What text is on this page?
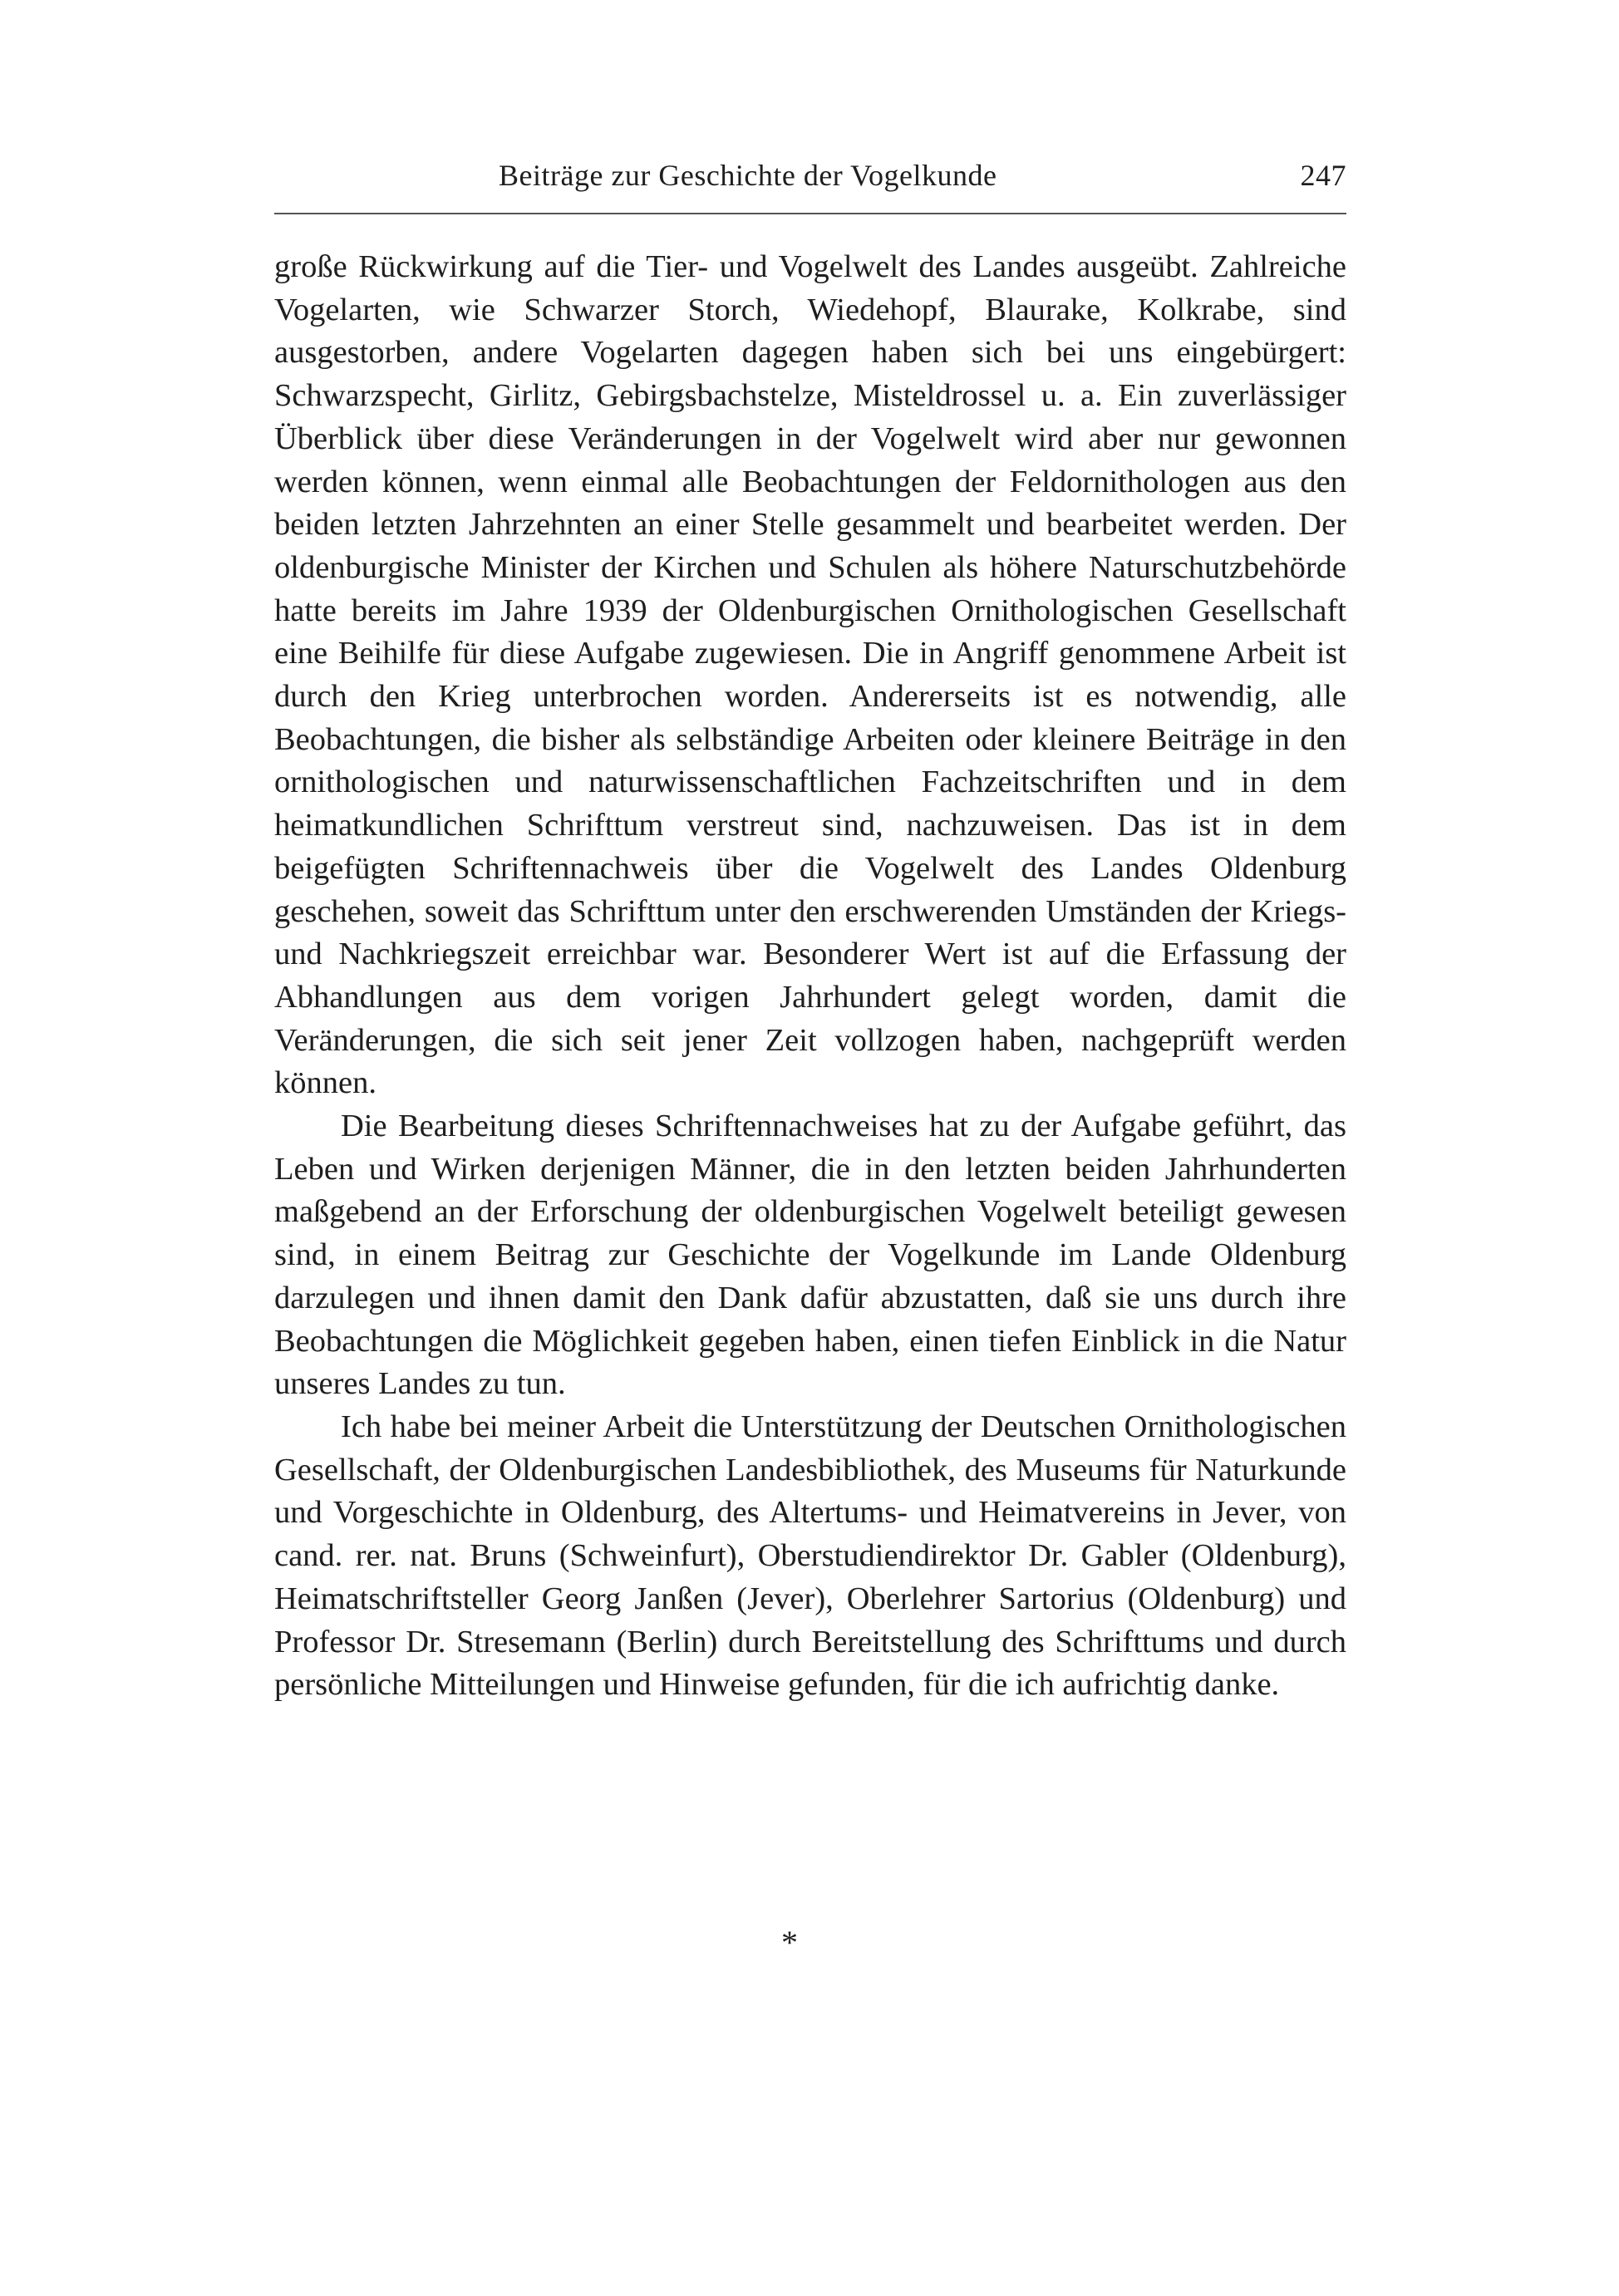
Beiträge zur Geschichte der Vogelkunde	247

große Rückwirkung auf die Tier- und Vogelwelt des Landes ausgeübt. Zahlreiche Vogelarten, wie Schwarzer Storch, Wiedehopf, Blaurake, Kolkrabe, sind ausgestorben, andere Vogelarten dagegen haben sich bei uns eingebürgert: Schwarzspecht, Girlitz, Gebirgsbachstelze, Misteldrossel u. a. Ein zuverlässiger Überblick über diese Veränderungen in der Vogelwelt wird aber nur gewonnen werden können, wenn einmal alle Beobachtungen der Feldornithologen aus den beiden letzten Jahrzehnten an einer Stelle gesammelt und bearbeitet werden. Der oldenburgische Minister der Kirchen und Schulen als höhere Naturschutzbehörde hatte bereits im Jahre 1939 der Oldenburgischen Ornithologischen Gesellschaft eine Beihilfe für diese Aufgabe zugewiesen. Die in Angriff genommene Arbeit ist durch den Krieg unterbrochen worden. Andererseits ist es notwendig, alle Beobachtungen, die bisher als selbständige Arbeiten oder kleinere Beiträge in den ornithologischen und naturwissenschaftlichen Fachzeitschriften und in dem heimatkundlichen Schrifttum verstreut sind, nachzuweisen. Das ist in dem beigefügten Schriftennachweis über die Vogelwelt des Landes Oldenburg geschehen, soweit das Schrifttum unter den erschwerenden Umständen der Kriegs- und Nachkriegszeit erreichbar war. Besonderer Wert ist auf die Erfassung der Abhandlungen aus dem vorigen Jahrhundert gelegt worden, damit die Veränderungen, die sich seit jener Zeit vollzogen haben, nachgeprüft werden können.

Die Bearbeitung dieses Schriftennachweises hat zu der Aufgabe geführt, das Leben und Wirken derjenigen Männer, die in den letzten beiden Jahrhunderten maßgebend an der Erforschung der oldenburgischen Vogelwelt beteiligt gewesen sind, in einem Beitrag zur Geschichte der Vogelkunde im Lande Oldenburg darzulegen und ihnen damit den Dank dafür abzustatten, daß sie uns durch ihre Beobachtungen die Möglichkeit gegeben haben, einen tiefen Einblick in die Natur unseres Landes zu tun.

Ich habe bei meiner Arbeit die Unterstützung der Deutschen Ornithologischen Gesellschaft, der Oldenburgischen Landesbibliothek, des Museums für Naturkunde und Vorgeschichte in Oldenburg, des Altertums- und Heimatvereins in Jever, von cand. rer. nat. Bruns (Schweinfurt), Oberstudiendirektor Dr. Gabler (Oldenburg), Heimatschriftsteller Georg Janßen (Jever), Oberlehrer Sartorius (Oldenburg) und Professor Dr. Stresemann (Berlin) durch Bereitstellung des Schrifttums und durch persönliche Mitteilungen und Hinweise gefunden, für die ich aufrichtig danke.

*
